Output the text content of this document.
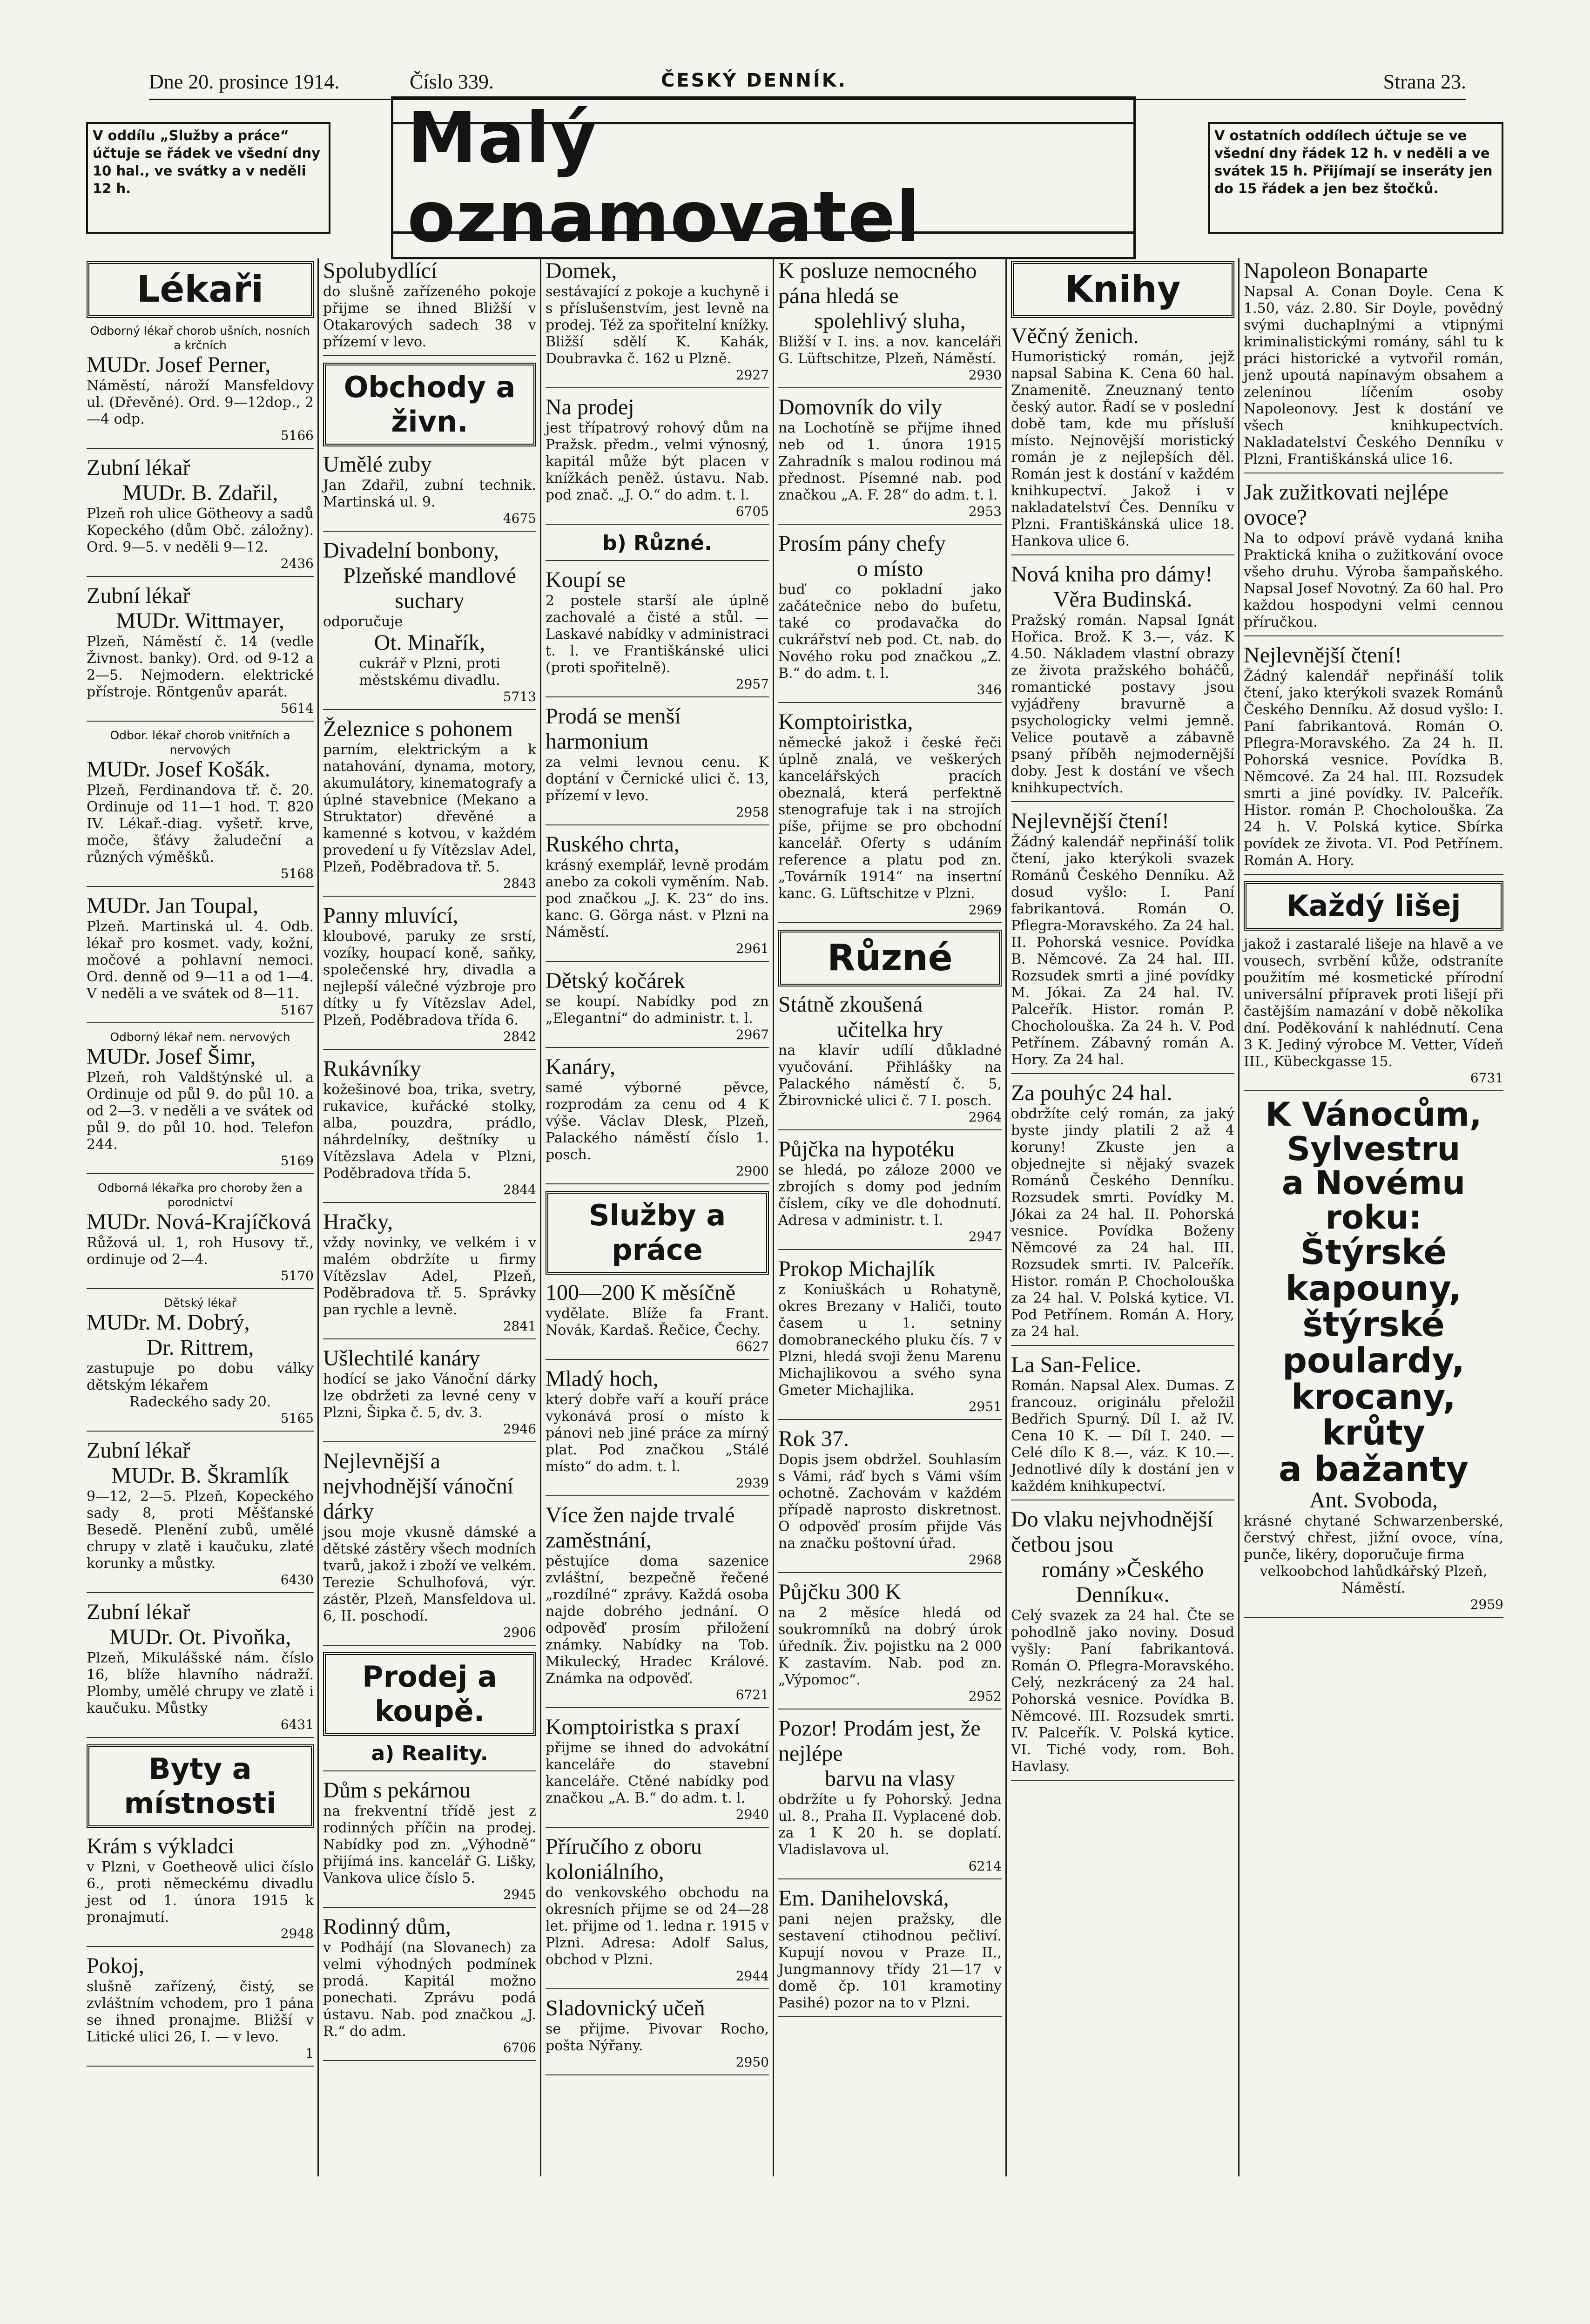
Dne 20. prosince 1914.	Číslo 339.	ČESKÝ DENNÍK.	Strana 23.
V oddílu „Služby a práce“ účtuje se řádek ve všední dny 10 hal., ve svátky a v neděli 12 h.
Malý oznamovatel
V ostatních oddílech účtuje se ve všední dny řádek 12 h. v neděli a ve svátek 15 h. Přijímají se inseráty jen do 15 řádek a jen bez štočků.
Lékaři

Odborný lékař chorob ušních, nosních a krčních

MUDr. Josef Perner,

Náměstí, nároží Mansfeldovy ul. (Dřevěné). Ord. 9—12dop., 2—4 odp.

5166

Zubní lékař

MUDr. B. Zdařil,

Plzeň roh ulice Götheovy a sadů Kopeckého (dům Obč. záložny). Ord. 9—5. v neděli 9—12.

2436

Zubní lékař

MUDr. Wittmayer,

Plzeň, Náměstí č. 14 (vedle Živnost. banky). Ord. od 9-12 a 2—5. Nejmodern. elektrické přístroje. Röntgenův aparát.

5614

Odbor. lékař chorob vnitřních a nervových

MUDr. Josef Košák.

Plzeň, Ferdinandova tř. č. 20. Ordinuje od 11—1 hod. T. 820 IV. Lékař.-diag. vyšetř. krve, moče, šťávy žaludeční a různých výměšků.

5168

MUDr. Jan Toupal,

Plzeň. Martinská ul. 4. Odb. lékař pro kosmet. vady, kožní, močové a pohlavní nemoci. Ord. denně od 9—11 a od 1—4. V neděli a ve svátek od 8—11.

5167

Odborný lékař nem. nervových

MUDr. Josef Šimr,

Plzeň, roh Valdštýnské ul. a Ordinuje od půl 9. do půl 10. a od 2—3. v neděli a ve svátek od půl 9. do půl 10. hod. Telefon 244.

5169

Odborná lékařka pro choroby žen a porodnictví

MUDr. Nová-Krajíčková

Růžová ul. 1, roh Husovy tř., ordinuje od 2—4.

5170

Dětský lékař

MUDr. M. Dobrý,

Dr. Rittrem,

zastupuje po dobu války dětským lékařem

Radeckého sady 20.

5165

Zubní lékař

MUDr. B. Škramlík

9—12, 2—5. Plzeň, Kopeckého sady 8, proti Měšťanské Besedě. Plenění zubů, umělé chrupy v zlatě i kaučuku, zlaté korunky a můstky.

6430

Zubní lékař

MUDr. Ot. Pivoňka,

Plzeň, Mikulášské nám. číslo 16, blíže hlavního nádraží. Plomby, umělé chrupy ve zlatě i kaučuku. Můstky

6431

Byty a místnosti

Krám s výkladci

v Plzni, v Goetheově ulici číslo 6., proti německému divadlu jest od 1. února 1915 k pronajmutí.

2948

Pokoj,

slušně zařízený, čistý, se zvláštním vchodem, pro 1 pána se ihned pronajme. Bližší v Litické ulici 26, I. — v levo.

1

Spolubydlící

do slušně zařízeného pokoje přijme se ihned Bližší v Otakarových sadech 38 v přízemí v levo.

Obchody a živn.

Umělé zuby

Jan Zdařil, zubní technik. Martinská ul. 9.

4675

Divadelní bonbony,

Plzeňské mandlové suchary

odporučuje

Ot. Minařík,

cukrář v Plzni, proti městskému divadlu.

5713

Železnice s pohonem

parním, elektrickým a k natahování, dynama, motory, akumulátory, kinematografy a úplné stavebnice (Mekano a Struktator) dřevěné a kamenné s kotvou, v každém provedení u fy Vítězslav Adel, Plzeň, Poděbradova tř. 5.

2843

Panny mluvící,

kloubové, paruky ze srstí, vozíky, houpací koně, saňky, společenské hry, divadla a nejlepší válečné výzbroje pro dítky u fy Vítězslav Adel, Plzeň, Poděbradova třída 6.

2842

Rukávníky

kožešinové boa, trika, svetry, rukavice, kuřácké stolky, alba, pouzdra, prádlo, náhrdelníky, deštníky u Vítězslava Adela v Plzni, Poděbradova třída 5.

2844

Hračky,

vždy novinky, ve velkém i v malém obdržíte u firmy Vítězslav Adel, Plzeň, Poděbradova tř. 5. Správky pan rychle a levně.

2841

Ušlechtilé kanáry

hodící se jako Vánoční dárky lze obdržeti za levné ceny v Plzni, Šipka č. 5, dv. 3.

2946

Nejlevnější a nejvhodnější vánoční dárky

jsou moje vkusně dámské a dětské zástěry všech modních tvarů, jakož i zboží ve velkém. Terezie Schulhofová, výr. zástěr, Plzeň, Mansfeldova ul. 6, II. poschodí.

2906

Prodej a koupě.

a) Reality.

Dům s pekárnou

na frekventní třídě jest z rodinných příčin na prodej. Nabídky pod zn. „Výhodně“ přijímá ins. kancelář G. Lišky, Vankova ulice číslo 5.

2945

Rodinný dům,

v Podhájí (na Slovanech) za velmi výhodných podmínek prodá. Kapitál možno ponechati. Zprávu podá ústavu. Nab. pod značkou „J. R.“ do adm.

6706

Domek,

sestávající z pokoje a kuchyně i s příslušenstvím, jest levně na prodej. Též za spořitelní knížky. Bližší sdělí K. Kahák, Doubravka č. 162 u Plzně.

2927

Na prodej

jest třípatrový rohový dům na Pražsk. předm., velmi výnosný, kapitál může být placen v knížkách peněž. ústavu. Nab. pod znač. „J. O.“ do adm. t. l.

6705

b) Různé.

Koupí se

2 postele starší ale úplně zachovalé a čisté a stůl. — Laskavé nabídky v administraci t. l. ve Františkánské ulici (proti spořitelně).

2957

Prodá se menší harmonium

za velmi levnou cenu. K doptání v Černické ulici č. 13, přízemí v levo.

2958

Ruského chrta,

krásný exemplář, levně prodám anebo za cokoli vyměním. Nab. pod značkou „J. K. 23“ do ins. kanc. G. Görga nást. v Plzni na Náměstí.

2961

Dětský kočárek

se koupí. Nabídky pod zn „Elegantní“ do administr. t. l.

2967

Kanáry,

samé výborné pěvce, rozprodám za cenu od 4 K výše. Václav Dlesk, Plzeň, Palackého náměstí číslo 1. posch.

2900

Služby a práce

100—200 K měsíčně

vydělate. Blíže fa Frant. Novák, Kardaš. Řečice, Čechy.

6627

Mladý hoch,

který dobře vaří a kouří práce vykonává prosí o místo k pánovi neb jiné práce za mírný plat. Pod značkou „Stálé místo“ do adm. t. l.

2939

Více žen najde trvalé zaměstnání,

pěstujíce doma sazenice zvláštní, bezpečně řečené „rozdílné“ zprávy. Každá osoba najde dobrého jednání. O odpověď prosím přiložení známky. Nabídky na Tob. Mikulecký, Hradec Králové. Známka na odpověď.

6721

Komptoiristka s praxí

přijme se ihned do advokátní kanceláře do stavební kanceláře. Ctěné nabídky pod značkou „A. B.“ do adm. t. l.

2940

Příručího z oboru koloniálního,

do venkovského obchodu na okresních přijme se od 24—28 let. přijme od 1. ledna r. 1915 v Plzni. Adresa: Adolf Salus, obchod v Plzni.

2944

Sladovnický učeň

se přijme. Pivovar Rocho, pošta Nýřany.

2950

K posluze nemocného pána hledá se

spolehlivý sluha,

Bližší v I. ins. a nov. kanceláři G. Lüftschitze, Plzeň, Náměstí.

2930

Domovník do vily

na Lochotíně se přijme ihned neb od 1. února 1915 Zahradník s malou rodinou má přednost. Písemné nab. pod značkou „A. F. 28“ do adm. t. l.

2953

Prosím pány chefy

o místo

buď co pokladní jako začátečnice nebo do bufetu, také co prodavačka do cukrářství neb pod. Ct. nab. do Nového roku pod značkou „Z. B.“ do adm. t. l.

346

Komptoiristka,

německé jakož i české řeči úplně znalá, ve veškerých kancelářských pracích obeznalá, která perfektně stenografuje tak i na strojích píše, přijme se pro obchodní kancelář. Oferty s udáním reference a platu pod zn. „Továrník 1914“ na insertní kanc. G. Lüftschitze v Plzni.

2969

Různé

Státně zkoušená

učitelka hry

na klavír udílí důkladné vyučování. Přihlášky na Palackého náměstí č. 5, Žbirovnické ulici č. 7 I. posch.

2964

Půjčka na hypotéku

se hledá, po záloze 2000 ve zbrojích s domy pod jedním číslem, cíky ve dle dohodnutí. Adresa v administr. t. l.

2947

Prokop Michajlík

z Koniuškách u Rohatyně, okres Brezany v Haliči, touto časem u 1. setniny domobraneckého pluku čís. 7 v Plzni, hledá svoji ženu Marenu Michajlikovou a svého syna Gmeter Michajlika.

2951

Rok 37.

Dopis jsem obdržel. Souhlasím s Vámi, ráď bych s Vámi vším ochotně. Zachovám v každém případě naprosto diskretnost. O odpověď prosím přijde Vás na značku poštovní úřad.

2968

Půjčku 300 K

na 2 měsíce hledá od soukromníků na dobrý úrok úředník. Živ. pojistku na 2 000 K zastavím. Nab. pod zn. „Výpomoc“.

2952

Pozor! Prodám jest, že nejlépe

barvu na vlasy

obdržíte u fy Pohorský. Jedna ul. 8., Praha II. Vyplacené dob. za 1 K 20 h. se doplatí. Vladislavova ul.

6214

Em. Danihelovská,

pani nejen pražsky, dle sestavení ctihodnou pečliví. Kupují novou v Praze II., Jungmannovy třídy 21—17 v domě čp. 101 kramotiny Pasihé) pozor na to v Plzni.

Knihy

Věčný ženich.

Humoristický román, jejž napsal Sabina K. Cena 60 hal. Znamenitě. Zneuznaný tento český autor. Řadí se v poslední době tam, kde mu přísluší místo. Nejnovější moristický román je z nejlepších děl. Román jest k dostání v každém knihkupectví. Jakož i v nakladatelství Čes. Denníku v Plzni. Františkánská ulice 18. Hankova ulice 6.

Nová kniha pro dámy!

Věra Budinská.

Pražský román. Napsal Ignát Hořica. Brož. K 3.—, váz. K 4.50. Nákladem vlastní obrazy ze života pražského boháčů, romantické postavy jsou vyjádřeny bravurně a psychologicky velmi jemně. Velice poutavě a zábavně psaný příběh nejmodernější doby. Jest k dostání ve všech knihkupectvích.

Nejlevnější čtení!

Žádný kalendář nepřináší tolik čtení, jako kterýkoli svazek Románů Českého Denníku. Až dosud vyšlo: I. Paní fabrikantová. Román O. Pflegra-Moravského. Za 24 hal. II. Pohorská vesnice. Povídka B. Němcové. Za 24 hal. III. Rozsudek smrti a jiné povídky M. Jókai. Za 24 hal. IV. Palceřík. Histor. román P. Chocholouška. Za 24 h. V. Pod Petřínem. Zábavný román A. Hory. Za 24 hal.

Za pouhýc 24 hal.

obdržíte celý román, za jaký byste jindy platili 2 až 4 koruny! Zkuste jen a objednejte si nějaký svazek Románů Českého Denníku. Rozsudek smrti. Povídky M. Jókai za 24 hal. II. Pohorská vesnice. Povídka Boženy Němcové za 24 hal. III. Rozsudek smrti. IV. Palceřík. Histor. román P. Chocholouška za 24 hal. V. Polská kytice. VI. Pod Petřínem. Román A. Hory, za 24 hal.

La San-Felice.

Román. Napsal Alex. Dumas. Z francouz. originálu přeložil Bedřich Spurný. Díl I. až IV. Cena 10 K. — Díl I. 240. — Celé dílo K 8.—, váz. K 10.—. Jednotlivé díly k dostání jen v každém knihkupectví.

Do vlaku nejvhodnější četbou jsou

romány »Českého Denníku«.

Celý svazek za 24 hal. Čte se pohodlně jako noviny. Dosud vyšly: Paní fabrikantová. Román O. Pflegra-Moravského. Celý, nezkrácený za 24 hal. Pohorská vesnice. Povídka B. Němcové. III. Rozsudek smrti. IV. Palceřík. V. Polská kytice. VI. Tiché vody, rom. Boh. Havlasy.

Napoleon Bonaparte

Napsal A. Conan Doyle. Cena K 1.50, váz. 2.80. Sir Doyle, povědný svými duchaplnými a vtipnými kriminalistickými romány, sáhl tu k práci historické a vytvořil román, jenž upoutá napínavým obsahem a zeleninou líčením osoby Napoleonovy. Jest k dostání ve všech knihkupectvích. Nakladatelství Českého Denníku v Plzni, Františkánská ulice 16.

Jak zužitkovati nejlépe ovoce?

Na to odpoví právě vydaná kniha Praktická kniha o zužitkování ovoce všeho druhu. Výroba šampaňského. Napsal Josef Novotný. Za 60 hal. Pro každou hospodyni velmi cennou příručkou.

Nejlevnější čtení!

Žádný kalendář nepřináší tolik čtení, jako kterýkoli svazek Románů Českého Denníku. Až dosud vyšlo: I. Paní fabrikantová. Román O. Pflegra-Moravského. Za 24 h. II. Pohorská vesnice. Povídka B. Němcové. Za 24 hal. III. Rozsudek smrti a jiné povídky. IV. Palceřík. Histor. román P. Chocholouška. Za 24 h. V. Polská kytice. Sbírka povídek ze života. VI. Pod Petřínem. Román A. Hory.

Každý lišej

jakož i zastaralé lišeje na hlavě a ve vousech, svrbění kůže, odstraníte použitím mé kosmetické přírodní universální přípravek proti lišejí při častějším namazání v době několika dní. Poděkování k nahlédnutí. Cena 3 K. Jediný výrobce M. Vetter, Vídeň III., Kübeckgasse 15.

6731

K Vánocům,

Sylvestru

a Novému

roku:

Štýrské

kapouny,

štýrské

poulardy,

krocany,

krůty

a bažanty

Ant. Svoboda,

krásné chytané Schwarzenberské, čerstvý chřest, jižní ovoce, vína, punče, likéry, doporučuje firma

velkoobchod lahůdkářský Plzeň, Náměstí.

2959
